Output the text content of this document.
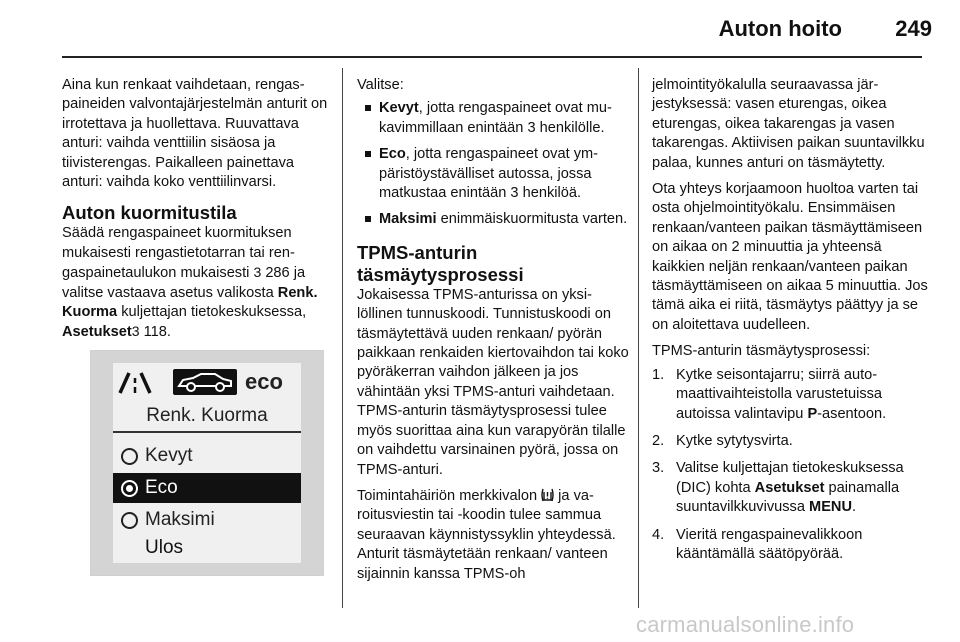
Auton hoito 249

Aina kun renkaat vaihdetaan, rengaspaineiden valvontajärjestelmän anturit on irrotettava ja huollettava. Ruuvattava anturi: vaihda venttiilin sisäosa ja tiivisterengas. Paikalleen painettava anturi: vaihda koko venttiilinvarsi.

Auton kuormitustila

Säädä rengaspaineet kuormituksen mukaisesti rengastietotarran tai rengaspainetaulukon mukaisesti 3 286 ja valitse vastaava asetus valikosta Renk. Kuorma kuljettajan tietokeskuksessa, Asetukset3 118.

eco
Renk. Kuorma
Kevyt
Eco
Maksimi
Ulos

Valitse:

Kevyt, jotta rengaspaineet ovat mukavimmillaan enintään 3 henkilölle.
Eco, jotta rengaspaineet ovat ympäristöystävälliset autossa, jossa matkustaa enintään 3 henkilöä.
Maksimi enimmäiskuormitusta varten.
TPMS-anturin
täsmäytysprosessi

Jokaisessa TPMS-anturissa on yksilöllinen tunnuskoodi. Tunnistuskoodi on täsmäytettävä uuden renkaan/ pyörän paikkaan renkaiden kiertovaihdon tai koko pyöräkerran vaihdon jälkeen ja jos vähintään yksi TPMS-anturi vaihdetaan. TPMS-anturin täsmäytysprosessi tulee myös suorittaa aina kun varapyörän tilalle on vaihdettu varsinainen pyörä, jossa on TPMS-anturi.

Toimintahäiriön merkkivalon  ja varoitusviestin tai -koodin tulee sammua seuraavan käynnistyssyklin yhteydessä. Anturit täsmäytetään renkaan/ vanteen sijainnin kanssa TPMS-oh

jelmointityökalulla seuraavassa järjestyksessä: vasen eturengas, oikea eturengas, oikea takarengas ja vasen takarengas. Aktiivisen paikan suuntavilkku palaa, kunnes anturi on täsmäytetty.

Ota yhteys korjaamoon huoltoa varten tai osta ohjelmointityökalu. Ensimmäisen renkaan/vanteen paikan täsmäyttämiseen on aikaa on 2 minuuttia ja yhteensä kaikkien neljän renkaan/vanteen paikan täsmäyttämiseen on aikaa 5 minuuttia. Jos tämä aika ei riitä, täsmäytys päättyy ja se on aloitettava uudelleen.

TPMS-anturin täsmäytysprosessi:

1. Kytke seisontajarru; siirrä automaattivaihteistolla varustetuissa autoissa valintavipu P-asentoon.
2. Kytke sytytysvirta.
3. Valitse kuljettajan tietokeskuksessa (DIC) kohta Asetukset painamalla suuntavilkkuvivussa MENU.
4. Vieritä rengaspainevalikkoon kääntämällä säätöpyörää.
carmanualsonline.info
